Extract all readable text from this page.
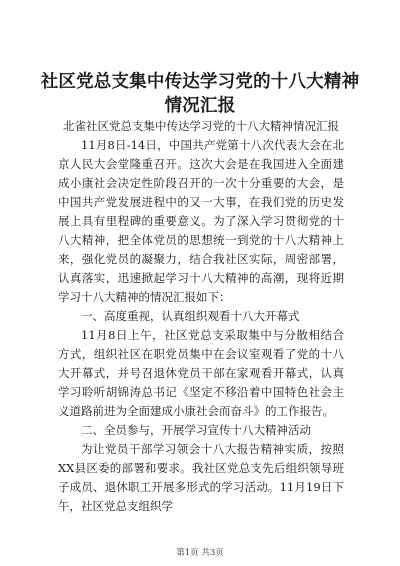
社区党总支集中传达学习党的十八大精神情况汇报

北雀社区党总支集中传达学习党的十八大精神情况汇报

11月8日-14日，中国共产党第十八次代表大会在北京人民大会堂隆重召开。这次大会是在我国进入全面建成小康社会决定性阶段召开的一次十分重要的大会，是中国共产党发展进程中的又一大事，在我们党的历史发展上具有里程碑的重要意义。为了深入学习贯彻党的十八大精神，把全体党员的思想统一到党的十八大精神上来，强化党员的凝聚力，结合我社区实际，周密部署，认真落实，迅速掀起学习十八大精神的高潮，现将近期学习十八大精神的情况汇报如下：

一、高度重视，认真组织观看十八大开幕式

11月8日上午，社区党总支采取集中与分散相结合方式，组织社区在职党员集中在会议室观看了党的十八大开幕式，并号召退休党员干部在家观看开幕式，认真学习聆听胡锦涛总书记《坚定不移沿着中国特色社会主义道路前进为全面建成小康社会而奋斗》的工作报告。

二、全员参与，开展学习宣传十八大精神活动

为让党员干部学习领会十八大报告精神实质，按照XX县区委的部署和要求。我社区党总支先后组织领导班子成员、退休职工开展多形式的学习活动。11月19日下午，社区党总支组织学

第1页 共3页
